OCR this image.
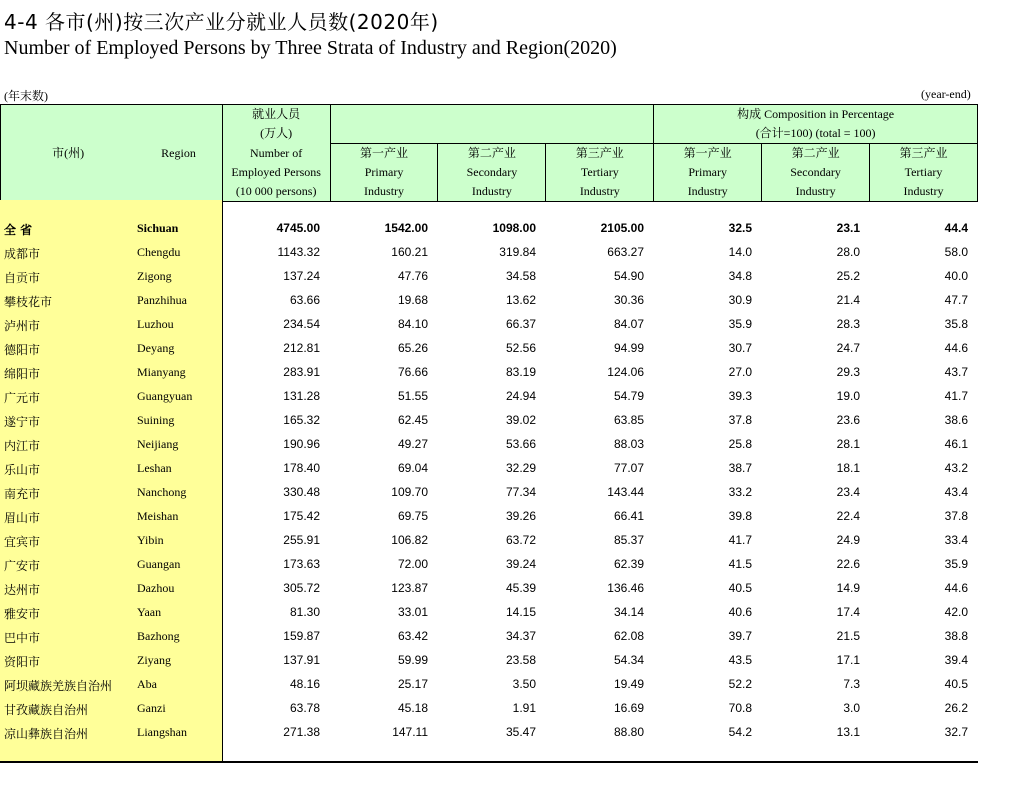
4-4 各市(州)按三次产业分就业人员数(2020年)
Number of Employed Persons by Three Strata of Industry and Region(2020)
(年末数)	(year-end)
市(州)	Region	就业人员				构成 Composition in Percentage		
		(万人)				(合计=100) (total = 100)		
		Number of	第一产业	第二产业	第三产业	第一产业	第二产业	第三产业
		Employed Persons	Primary	Secondary	Tertiary	Primary	Secondary	Tertiary
		(10 000 persons)	Industry	Industry	Industry	Industry	Industry	Industry
全 省	Sichuan	4745.00	1542.00	1098.00	2105.00	32.5	23.1	44.4
成都市	Chengdu	1143.32	160.21	319.84	663.27	14.0	28.0	58.0
自贡市	Zigong	137.24	47.76	34.58	54.90	34.8	25.2	40.0
攀枝花市	Panzhihua	63.66	19.68	13.62	30.36	30.9	21.4	47.7
泸州市	Luzhou	234.54	84.10	66.37	84.07	35.9	28.3	35.8
德阳市	Deyang	212.81	65.26	52.56	94.99	30.7	24.7	44.6
绵阳市	Mianyang	283.91	76.66	83.19	124.06	27.0	29.3	43.7
广元市	Guangyuan	131.28	51.55	24.94	54.79	39.3	19.0	41.7
遂宁市	Suining	165.32	62.45	39.02	63.85	37.8	23.6	38.6
内江市	Neijiang	190.96	49.27	53.66	88.03	25.8	28.1	46.1
乐山市	Leshan	178.40	69.04	32.29	77.07	38.7	18.1	43.2
南充市	Nanchong	330.48	109.70	77.34	143.44	33.2	23.4	43.4
眉山市	Meishan	175.42	69.75	39.26	66.41	39.8	22.4	37.8
宜宾市	Yibin	255.91	106.82	63.72	85.37	41.7	24.9	33.4
广安市	Guangan	173.63	72.00	39.24	62.39	41.5	22.6	35.9
达州市	Dazhou	305.72	123.87	45.39	136.46	40.5	14.9	44.6
雅安市	Yaan	81.30	33.01	14.15	34.14	40.6	17.4	42.0
巴中市	Bazhong	159.87	63.42	34.37	62.08	39.7	21.5	38.8
资阳市	Ziyang	137.91	59.99	23.58	54.34	43.5	17.1	39.4
阿坝藏族羌族自治州 Aba	48.16	25.17	3.50	19.49	52.2	7.3	40.5
甘孜藏族自治州	Ganzi	63.78	45.18	1.91	16.69	70.8	3.0	26.2
凉山彝族自治州	Liangshan	271.38	147.11	35.47	88.80	54.2	13.1	32.7
